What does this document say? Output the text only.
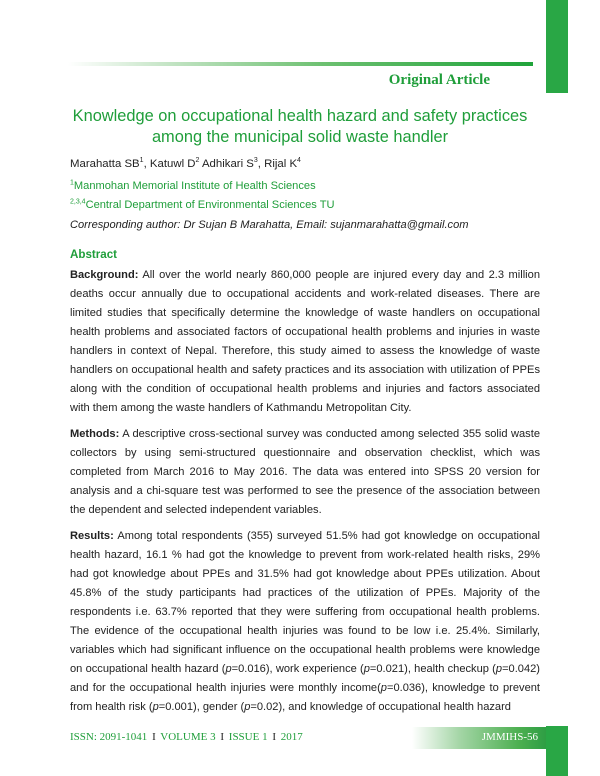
Original Article
Knowledge on occupational health hazard and safety practices among the municipal solid waste handler
Marahatta $SB^1$, Katuwl $D^2$ Adhikari $S^3$, Rijal $K^4$
$^1$Manmohan Memorial Institute of Health Sciences
$^{2,3,4}$Central Department of Environmental Sciences TU
Corresponding author: Dr Sujan B Marahatta, Email: sujanmarahatta@gmail.com
Abstract

Background: All over the world nearly 860,000 people are injured every day and 2.3 million deaths occur annually due to occupational accidents and work-related diseases. There are limited studies that specifically determine the knowledge of waste handlers on occupational health problems and associated factors of occupational health problems and injuries in waste handlers in context of Nepal. Therefore, this study aimed to assess the knowledge of waste handlers on occupational health and safety practices and its association with utilization of PPEs along with the condition of occupational health problems and injuries and factors associated with them among the waste handlers of Kathmandu Metropolitan City.

Methods: A descriptive cross-sectional survey was conducted among selected 355 solid waste collectors by using semi-structured questionnaire and observation checklist, which was completed from March 2016 to May 2016. The data was entered into SPSS 20 version for analysis and a chi-square test was performed to see the presence of the association between the dependent and selected independent variables.

Results: Among total respondents (355) surveyed 51.5% had got knowledge on occupational health hazard, 16.1 % had got the knowledge to prevent from work-related health risks, 29% had got knowledge about PPEs and 31.5% had got knowledge about PPEs utilization. About 45.8% of the study participants had practices of the utilization of PPEs. Majority of the respondents i.e. 63.7% reported that they were suffering from occupational health problems. The evidence of the occupational health injuries was found to be low i.e. 25.4%. Similarly, variables which had significant influence on the occupational health problems were knowledge on occupational health hazard (p=0.016), work experience (p=0.021), health checkup (p=0.042) and for the occupational health injuries were monthly income(p=0.036), knowledge to prevent from health risk (p=0.001), gender (p=0.02), and knowledge of occupational health hazard

ISSN: 2091-1041 I VOLUME 3 I ISSUE 1 I 2017	JMMIHS-56
